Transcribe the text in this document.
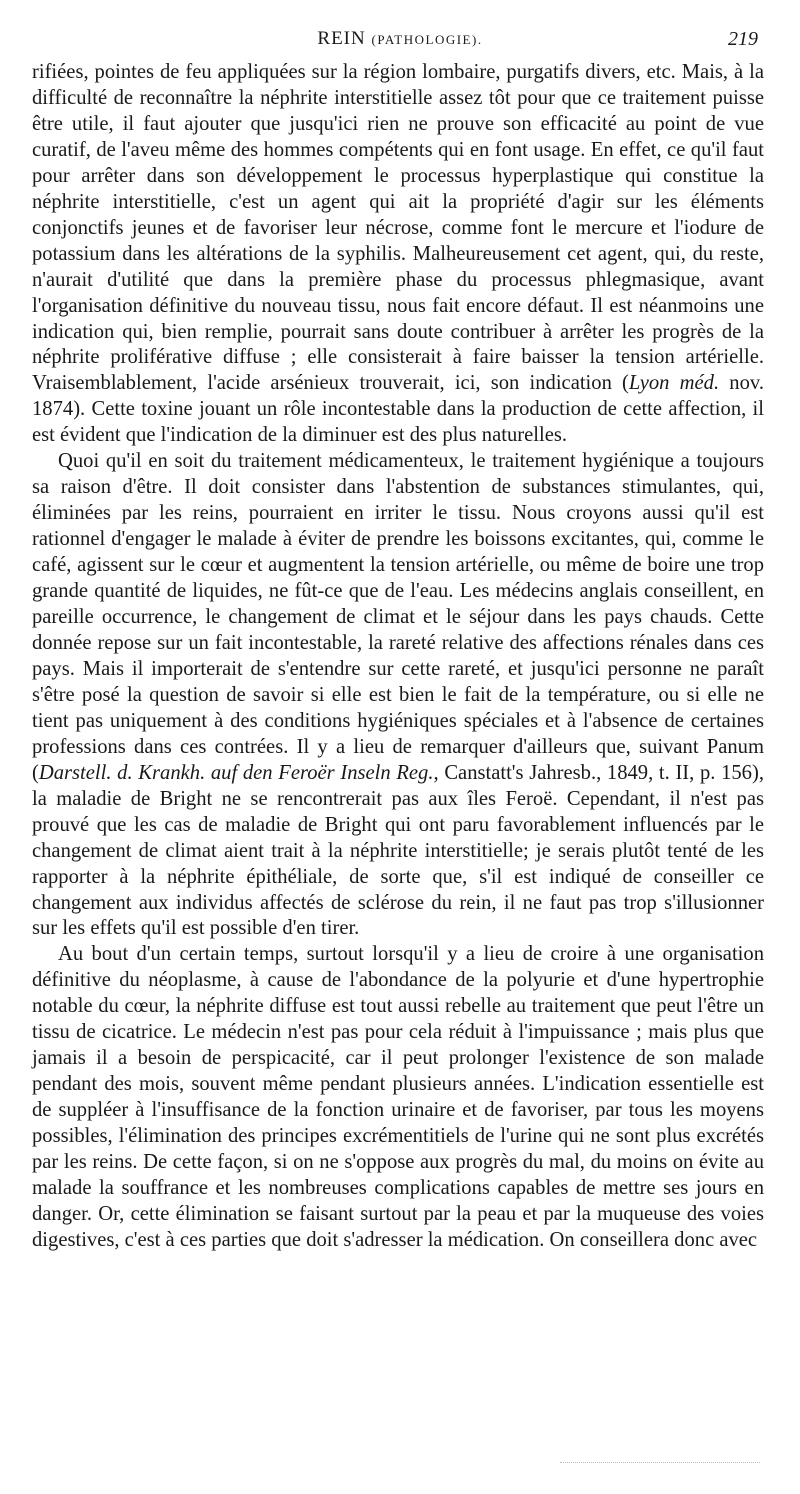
REIN (PATHOLOGIE).	219

rifiées, pointes de feu appliquées sur la région lombaire, purgatifs divers, etc. Mais, à la difficulté de reconnaître la néphrite interstitielle assez tôt pour que ce traitement puisse être utile, il faut ajouter que jusqu'ici rien ne prouve son efficacité au point de vue curatif, de l'aveu même des hommes compétents qui en font usage. En effet, ce qu'il faut pour arrêter dans son développement le processus hyperplastique qui constitue la néphrite interstitielle, c'est un agent qui ait la propriété d'agir sur les éléments conjonctifs jeunes et de favoriser leur nécrose, comme font le mercure et l'iodure de potassium dans les altérations de la syphilis. Malheureusement cet agent, qui, du reste, n'aurait d'utilité que dans la première phase du processus phlegmasique, avant l'organisation définitive du nouveau tissu, nous fait encore défaut. Il est néanmoins une indication qui, bien remplie, pourrait sans doute contribuer à arrêter les progrès de la néphrite proliférative diffuse ; elle consisterait à faire baisser la tension artérielle. Vraisemblablement, l'acide arsénieux trouverait, ici, son indication (Lyon méd. nov. 1874). Cette toxine jouant un rôle incontestable dans la production de cette affection, il est évident que l'indication de la diminuer est des plus naturelles.

Quoi qu'il en soit du traitement médicamenteux, le traitement hygiénique a toujours sa raison d'être. Il doit consister dans l'abstention de substances stimulantes, qui, éliminées par les reins, pourraient en irriter le tissu. Nous croyons aussi qu'il est rationnel d'engager le malade à éviter de prendre les boissons excitantes, qui, comme le café, agissent sur le cœur et augmentent la tension artérielle, ou même de boire une trop grande quantité de liquides, ne fût-ce que de l'eau. Les médecins anglais conseillent, en pareille occurrence, le changement de climat et le séjour dans les pays chauds. Cette donnée repose sur un fait incontestable, la rareté relative des affections rénales dans ces pays. Mais il importerait de s'entendre sur cette rareté, et jusqu'ici personne ne paraît s'être posé la question de savoir si elle est bien le fait de la température, ou si elle ne tient pas uniquement à des conditions hygiéniques spéciales et à l'absence de certaines professions dans ces contrées. Il y a lieu de remarquer d'ailleurs que, suivant Panum (Darstell. d. Krankh. auf den Feroër Inseln Reg., Canstatt's Jahresb., 1849, t. II, p. 156), la maladie de Bright ne se rencontrerait pas aux îles Feroë. Cependant, il n'est pas prouvé que les cas de maladie de Bright qui ont paru favorablement influencés par le changement de climat aient trait à la néphrite interstitielle; je serais plutôt tenté de les rapporter à la néphrite épithéliale, de sorte que, s'il est indiqué de conseiller ce changement aux individus affectés de sclérose du rein, il ne faut pas trop s'illusionner sur les effets qu'il est possible d'en tirer.

Au bout d'un certain temps, surtout lorsqu'il y a lieu de croire à une organisation définitive du néoplasme, à cause de l'abondance de la polyurie et d'une hypertrophie notable du cœur, la néphrite diffuse est tout aussi rebelle au traitement que peut l'être un tissu de cicatrice. Le médecin n'est pas pour cela réduit à l'impuissance ; mais plus que jamais il a besoin de perspicacité, car il peut prolonger l'existence de son malade pendant des mois, souvent même pendant plusieurs années. L'indication essentielle est de suppléer à l'insuffisance de la fonction urinaire et de favoriser, par tous les moyens possibles, l'élimination des principes excrémentitiels de l'urine qui ne sont plus excrétés par les reins. De cette façon, si on ne s'oppose aux progrès du mal, du moins on évite au malade la souffrance et les nombreuses complications capables de mettre ses jours en danger. Or, cette élimination se faisant surtout par la peau et par la muqueuse des voies digestives, c'est à ces parties que doit s'adresser la médication. On conseillera donc avec
